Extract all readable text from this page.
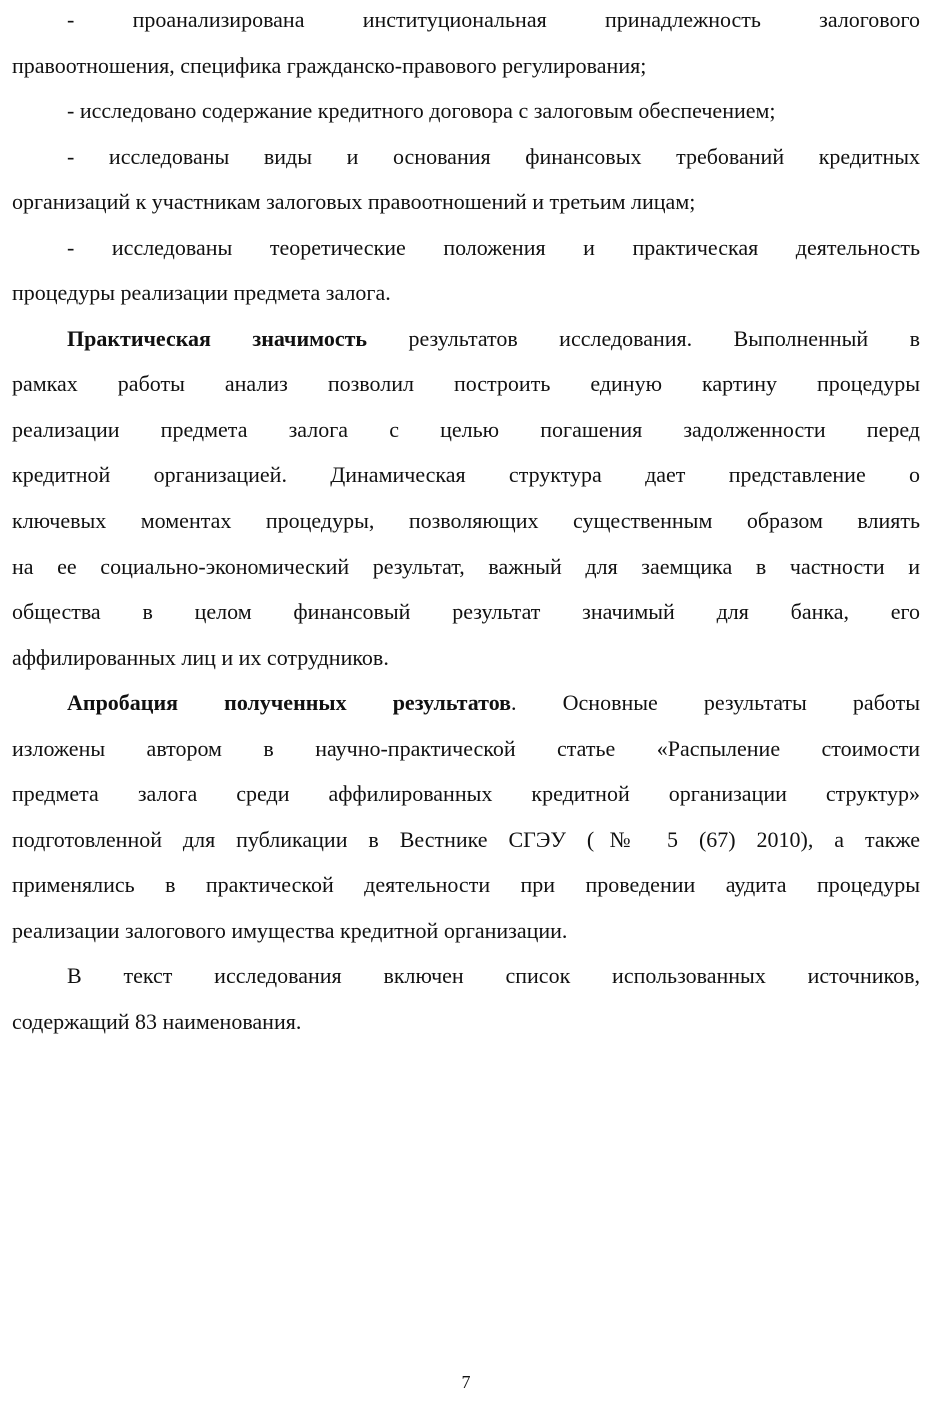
- проанализирована институциональная принадлежность залогового
правоотношения, специфика гражданско-правового регулирования;
- исследовано содержание кредитного договора с залоговым обеспечением;
- исследованы виды и основания финансовых требований кредитных
организаций к участникам залоговых правоотношений и третьим лицам;
- исследованы теоретические положения и практическая деятельность
процедуры реализации предмета залога.
Практическая значимость результатов исследования. Выполненный в
рамках работы анализ позволил построить единую картину процедуры
реализации предмета залога с целью погашения задолженности перед
кредитной организацией. Динамическая структура дает представление о
ключевых моментах процедуры, позволяющих существенным образом влиять
на ее социально-экономический результат, важный для заемщика в частности и
общества в целом финансовый результат значимый для банка, его
аффилированных лиц и их сотрудников.
Апробация полученных результатов. Основные результаты работы
изложены автором в научно-практической статье «Распыление стоимости
предмета залога среди аффилированных кредитной организации структур»
подготовленной для публикации в Вестнике СГЭУ (№ 5 (67) 2010), а также
применялись в практической деятельности при проведении аудита процедуры
реализации залогового имущества кредитной организации.
В текст исследования включен список использованных источников,
содержащий 83 наименования.
7
